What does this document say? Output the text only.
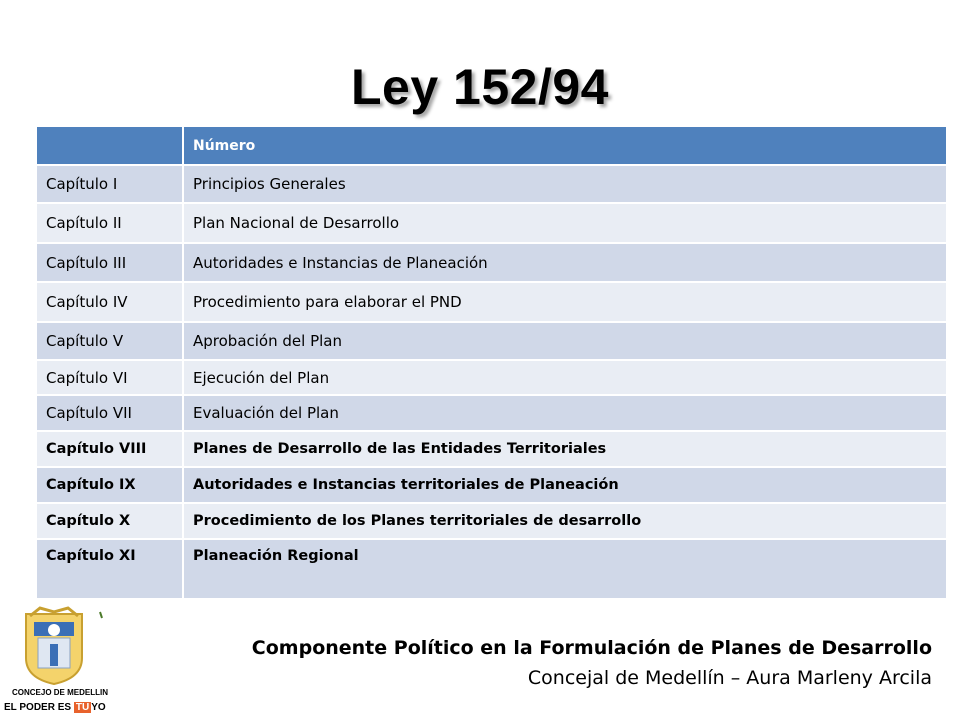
Ley 152/94
	Número
Capítulo I	Principios Generales
Capítulo II	Plan Nacional de Desarrollo
Capítulo III	Autoridades e Instancias de Planeación
Capítulo IV	Procedimiento para elaborar el PND
Capítulo V	Aprobación del Plan
Capítulo VI	Ejecución del Plan
Capítulo VII	Evaluación del Plan
Capítulo VIII	Planes de Desarrollo de las Entidades Territoriales
Capítulo IX	Autoridades e Instancias territoriales de Planeación
Capítulo X	Procedimiento de los Planes territoriales de desarrollo
Capítulo XI	Planeación Regional
CONCEJO DE MEDELLIN
EL PODER ES TU YO
Componente Político en la Formulación de Planes de Desarrollo
Concejal de Medellín – Aura Marleny Arcila
